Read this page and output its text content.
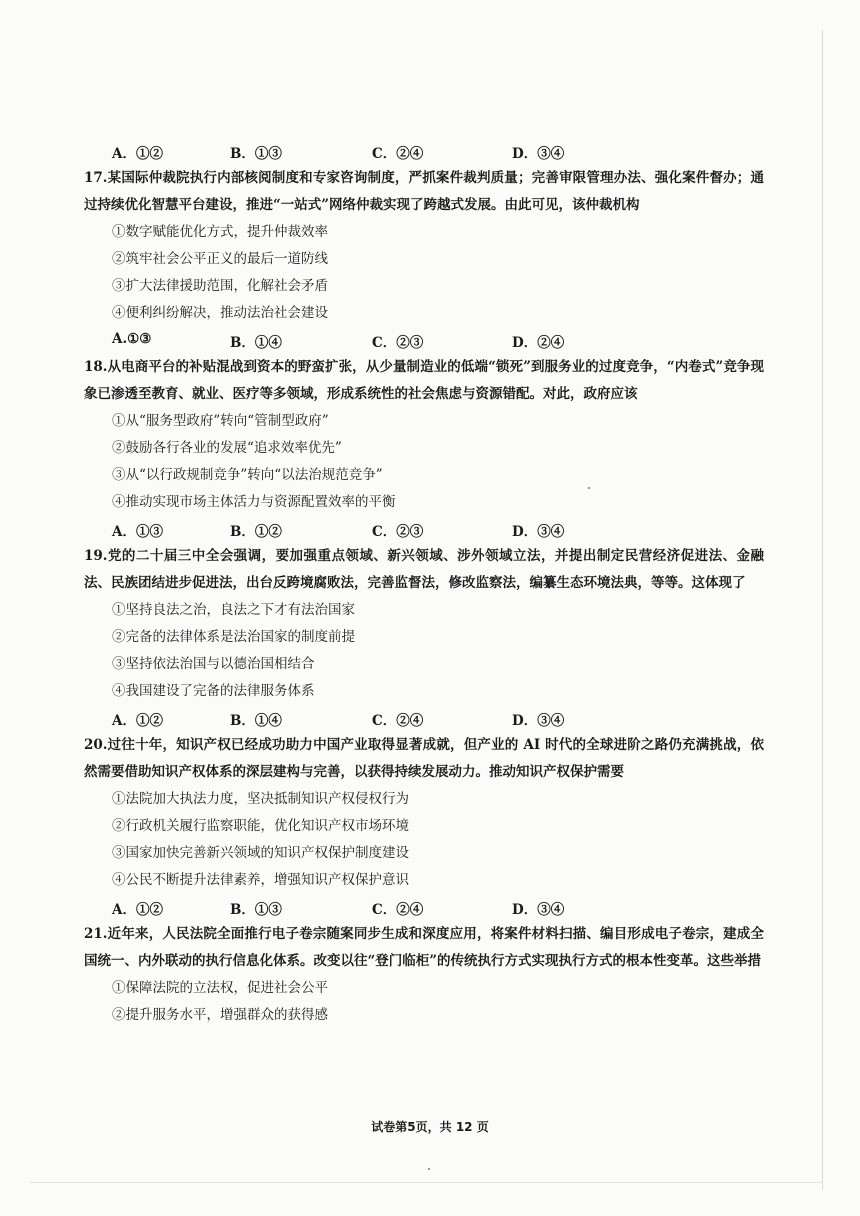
A．①②	B．①③	C．②④	D．③④
17.某国际仲裁院执行内部核阅制度和专家咨询制度，严抓案件裁判质量；完善审限管理办法、强化案件督办；通过持续优化智慧平台建设，推进“一站式”网络仲裁实现了跨越式发展。由此可见，该仲裁机构
①数字赋能优化方式，提升仲裁效率
②筑牢社会公平正义的最后一道防线
③扩大法律援助范围，化解社会矛盾
④便利纠纷解决，推动法治社会建设
A.①③	B．①④	C．②③	D．②④
18.从电商平台的补贴混战到资本的野蛮扩张，从少量制造业的低端“锁死”到服务业的过度竞争，“内卷式”竞争现象已渗透至教育、就业、医疗等多领域，形成系统性的社会焦虑与资源错配。对此，政府应该
①从“服务型政府”转向“管制型政府”
②鼓励各行各业的发展“追求效率优先”
③从“以行政规制竞争”转向“以法治规范竞争”
④推动实现市场主体活力与资源配置效率的平衡
A．①③	B．①②	C．②③	D．③④
19.党的二十届三中全会强调，要加强重点领域、新兴领域、涉外领域立法，并提出制定民营经济促进法、金融法、民族团结进步促进法，出台反跨境腐败法，完善监督法，修改监察法，编纂生态环境法典，等等。这体现了
①坚持良法之治，良法之下才有法治国家
②完备的法律体系是法治国家的制度前提
③坚持依法治国与以德治国相结合
④我国建设了完备的法律服务体系
A．①②	B．①④	C．②④	D．③④
20.过往十年，知识产权已经成功助力中国产业取得显著成就，但产业的 AI 时代的全球进阶之路仍充满挑战，依然需要借助知识产权体系的深层建构与完善，以获得持续发展动力。推动知识产权保护需要
①法院加大执法力度，坚决抵制知识产权侵权行为
②行政机关履行监察职能，优化知识产权市场环境
③国家加快完善新兴领域的知识产权保护制度建设
④公民不断提升法律素养，增强知识产权保护意识
A．①②	B．①③	C．②④	D．③④
21.近年来，人民法院全面推行电子卷宗随案同步生成和深度应用，将案件材料扫描、编目形成电子卷宗，建成全国统一、内外联动的执行信息化体系。改变以往“登门临柜”的传统执行方式实现执行方式的根本性变革。这些举措
①保障法院的立法权，促进社会公平
②提升服务水平，增强群众的获得感
试卷第5页，共 12 页
